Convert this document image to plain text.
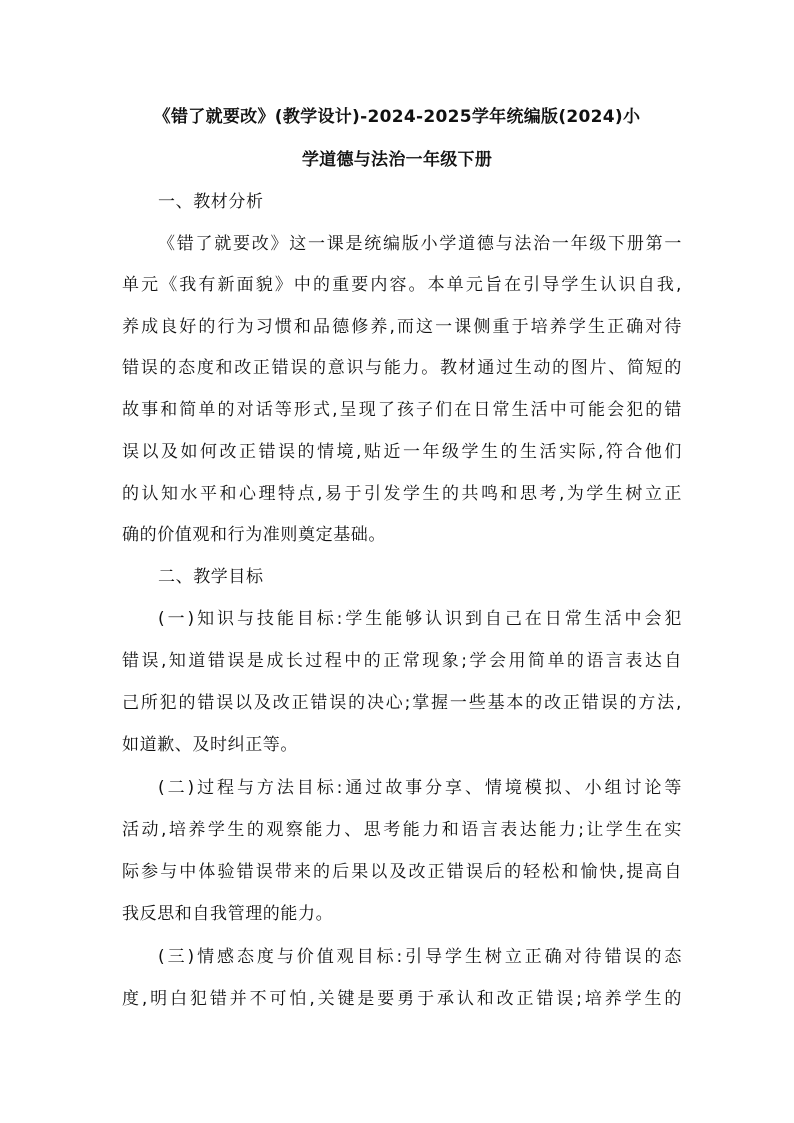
《错了就要改》(教学设计)-2024-2025学年统编版(2024)小
学道德与法治一年级下册
一、教材分析
《错了就要改》这一课是统编版小学道德与法治一年级下册第一
单元《我有新面貌》中的重要内容。本单元旨在引导学生认识自我,
养成良好的行为习惯和品德修养,而这一课侧重于培养学生正确对待
错误的态度和改正错误的意识与能力。教材通过生动的图片、简短的
故事和简单的对话等形式,呈现了孩子们在日常生活中可能会犯的错
误以及如何改正错误的情境,贴近一年级学生的生活实际,符合他们
的认知水平和心理特点,易于引发学生的共鸣和思考,为学生树立正
确的价值观和行为准则奠定基础。
二、教学目标
(一)知识与技能目标:学生能够认识到自己在日常生活中会犯
错误,知道错误是成长过程中的正常现象;学会用简单的语言表达自
己所犯的错误以及改正错误的决心;掌握一些基本的改正错误的方法,
如道歉、及时纠正等。
(二)过程与方法目标:通过故事分享、情境模拟、小组讨论等
活动,培养学生的观察能力、思考能力和语言表达能力;让学生在实
际参与中体验错误带来的后果以及改正错误后的轻松和愉快,提高自
我反思和自我管理的能力。
(三)情感态度与价值观目标:引导学生树立正确对待错误的态
度,明白犯错并不可怕,关键是要勇于承认和改正错误;培养学生的
